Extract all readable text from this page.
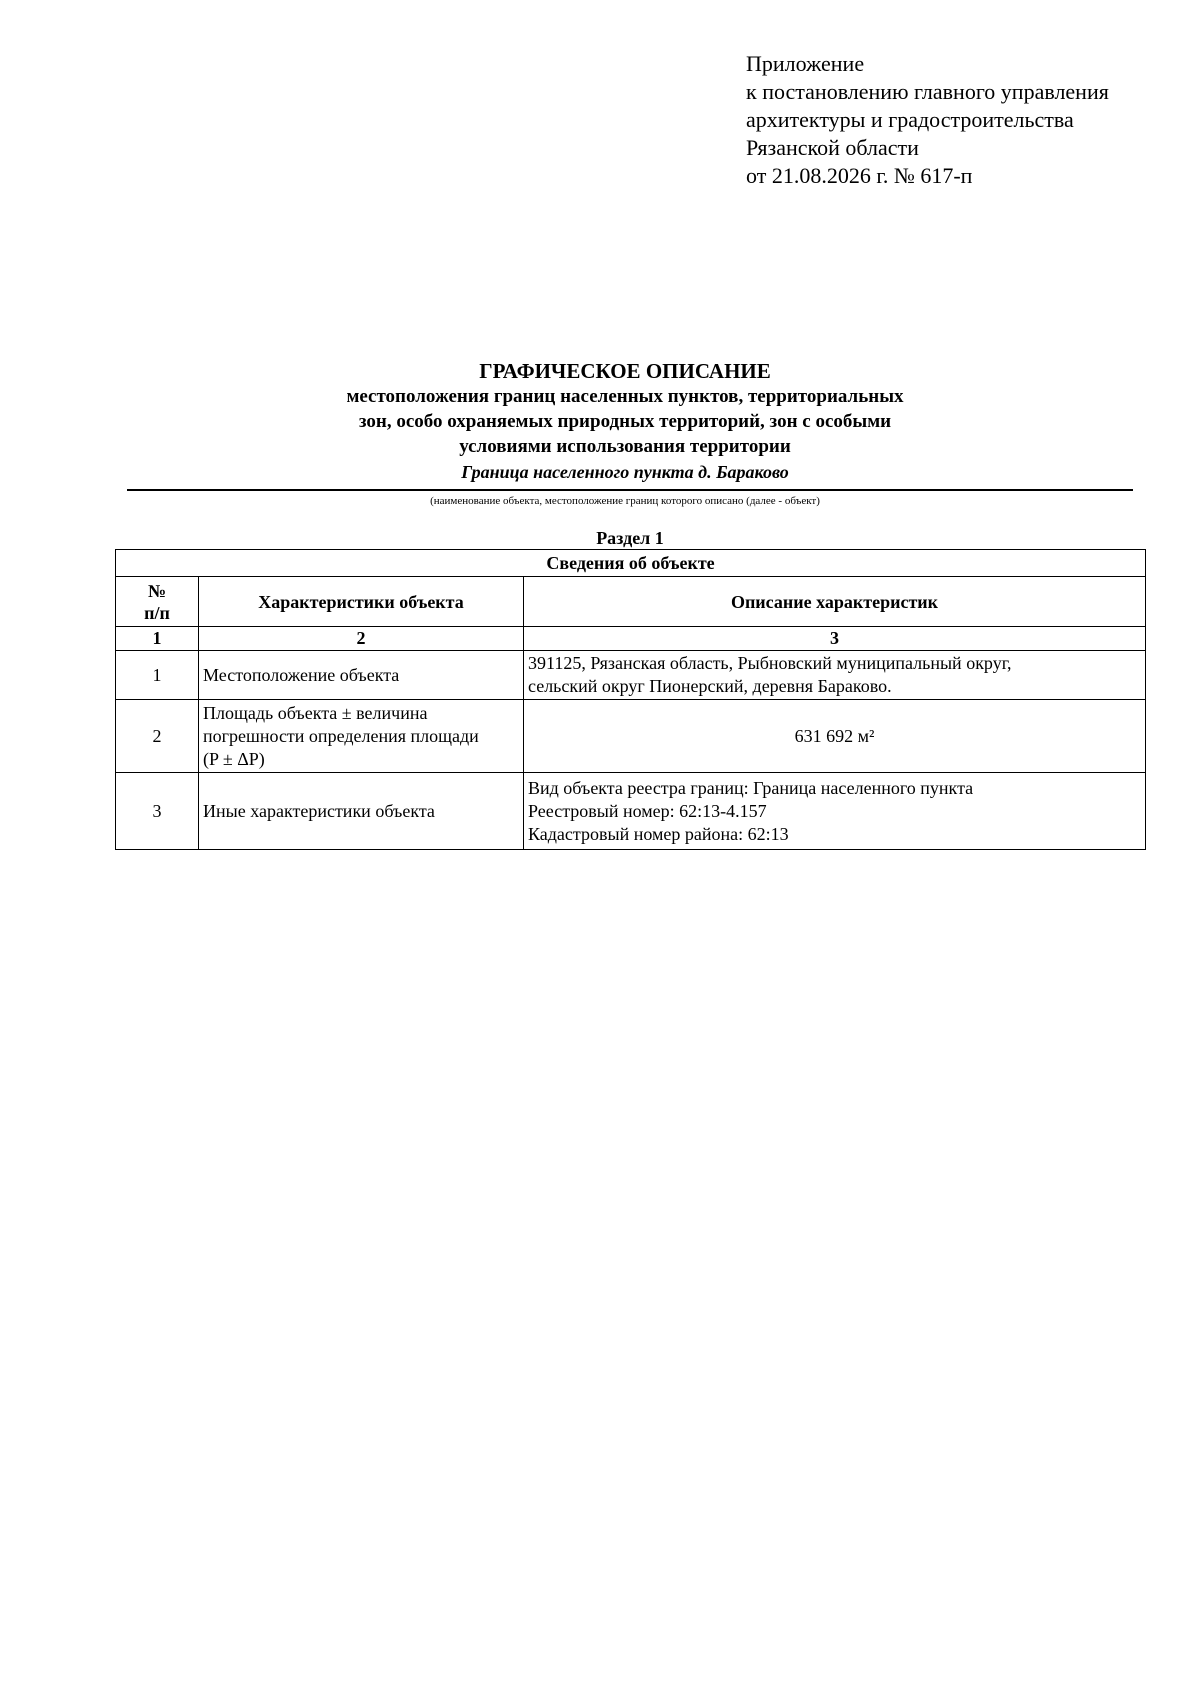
Приложение
к постановлению главного управления
архитектуры и градостроительства
Рязанской области
от 21.08.2026 г. № 617-п
ГРАФИЧЕСКОЕ ОПИСАНИЕ
местоположения границ населенных пунктов, территориальных
зон, особо охраняемых природных территорий, зон с особыми
условиями использования территории
Граница населенного пункта д. Бараково
(наименование объекта, местоположение границ которого описано (далее - объект)
Раздел 1
Сведения об объекте		

№
п/п	Характеристики объекта	Описание характеристик
1	2	3
1	Местоположение объекта	391125, Рязанская область, Рыбновский муниципальный округ,
сельский округ Пионерский, деревня Бараково.

2	Площадь объекта ± величина
погрешности определения площади
(P ± ΔP)	631 692 м²

3	Иные характеристики объекта	Вид объекта реестра границ: Граница населенного пункта
Реестровый номер: 62:13-4.157
Кадастровый номер района: 62:13
